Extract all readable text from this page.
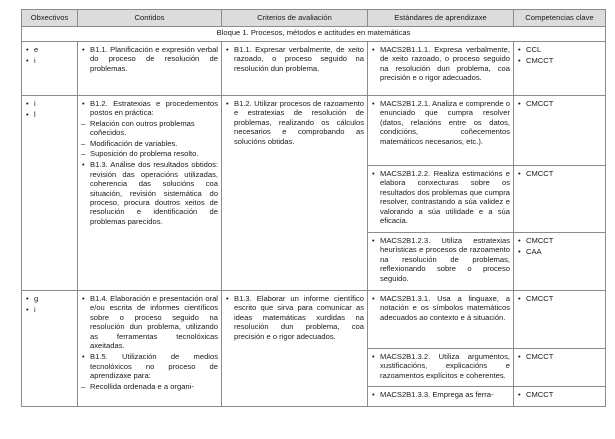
Obxectivos	Contidos	Criterios de avaliación	Estándares de aprendizaxe	Competencias clave
Bloque 1. Procesos, métodos e actitudes en matemáticas				

• e
• i	• B1.1. Planificación e expresión verbal do proceso de resolución de problemas.	• B1.1. Expresar verbalmente, de xeito razoado, o proceso seguido na resolución dun problema.	• MACS2B1.1.1. Expresa verbalmente, de xeito razoado, o proceso seguido na resolución dun problema, coa precisión e o rigor adecuados.	• CCL
• CMCCT

• i
• l	• B1.2. Estratexias e procedementos postos en práctica:
– Relación con outros problemas coñecidos.
– Modificación de variables.
– Suposición do problema resolto.
• B1.3. Análise dos resultados obtidos: revisión das operacións utilizadas, coherencia das solucións coa situación, revisión sistemática do proceso, procura doutros xeitos de resolución e identificación de problemas parecidos.	• B1.2. Utilizar procesos de razoamento e estratexias de resolución de problemas, realizando os cálculos necesarios e comprobando as solucións obtidas.	• MACS2B1.2.1. Analiza e comprende o enunciado que cumpra resolver (datos, relacións entre os datos, condicións, coñecementos matemáticos necesarios, etc.).	• CMCCT

			• MACS2B1.2.2. Realiza estimacións e elabora conxecturas sobre os resultados dos problemas que cumpra resolver, contrastando a súa validez e valorando a súa utilidade e a súa eficacia.	• CMCCT

			• MACS2B1.2.3. Utiliza estratexias heurísticas e procesos de razoamento na resolución de problemas, reflexionando sobre o proceso seguido.	• CMCCT
• CAA

• g
• i	• B1.4. Elaboración e presentación oral e/ou escrita de informes científicos sobre o proceso seguido na resolución dun problema, utilizando as ferramentas tecnolóxicas axeitadas.
• B1.5. Utilización de medios tecnolóxicos no proceso de aprendizaxe para:
– Recollida ordenada e a organi-	• B1.3. Elaborar un informe científico escrito que sirva para comunicar as ideas matemáticas xurdidas na resolución dun problema, coa precisión e o rigor adecuados.	• MACS2B1.3.1. Usa a linguaxe, a notación e os símbolos matemáticos adecuados ao contexto e á situación.	• CMCCT

			• MACS2B1.3.2. Utiliza argumentos, xustificacións, explicacións e razoamentos explícitos e coherentes.	• CMCCT

			• MACS2B1.3.3. Emprega as ferra-	• CMCCT
